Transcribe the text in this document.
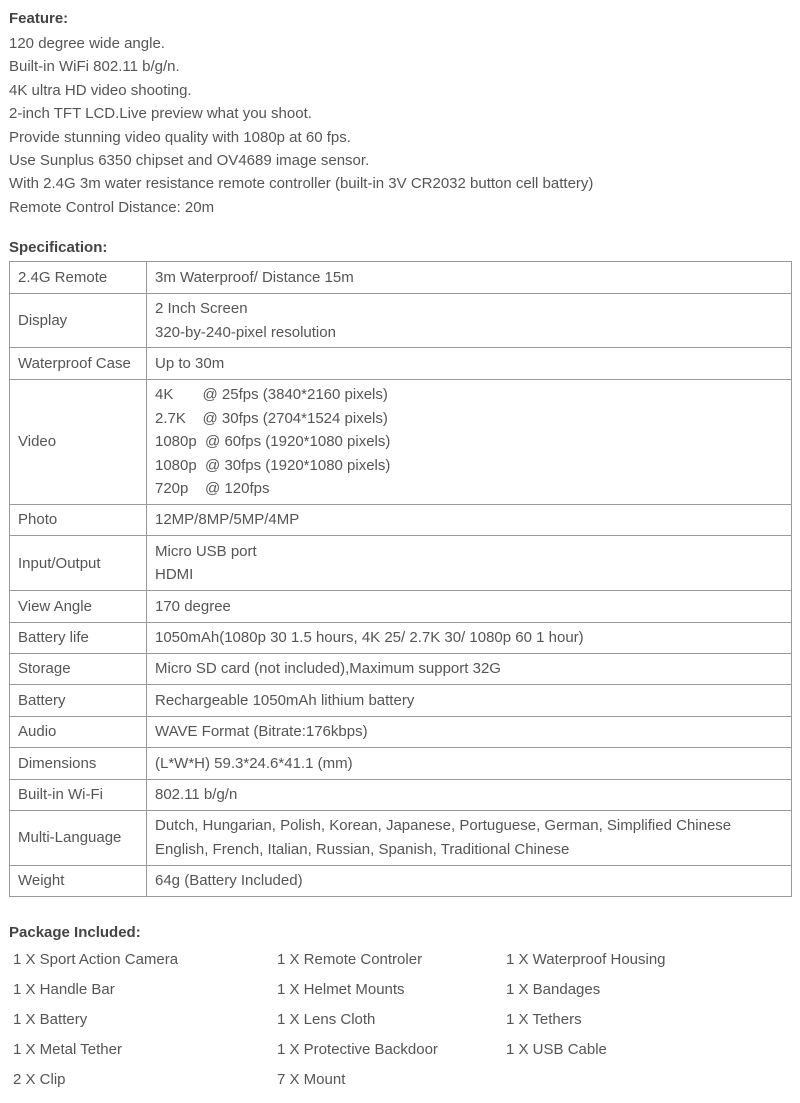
Feature:
120 degree wide angle.
Built-in WiFi 802.11 b/g/n.
4K ultra HD video shooting.
2-inch TFT LCD.Live preview what you shoot.
Provide stunning video quality with 1080p at 60 fps.
Use Sunplus 6350 chipset and OV4689 image sensor.
With 2.4G 3m water resistance remote controller (built-in 3V CR2032 button cell battery)
Remote Control Distance: 20m
Specification:
2.4G Remote	3m Waterproof/ Distance 15m

Display	2 Inch Screen
320-by-240-pixel resolution

Waterproof Case	Up to 30m

Video	4K       @ 25fps (3840*2160 pixels)
2.7K    @ 30fps (2704*1524 pixels)
1080p  @ 60fps (1920*1080 pixels)
1080p  @ 30fps (1920*1080 pixels)
720p    @ 120fps

Photo	12MP/8MP/5MP/4MP

Input/Output	Micro USB port
HDMI

View Angle	170 degree

Battery life	1050mAh(1080p 30 1.5 hours, 4K 25/ 2.7K 30/ 1080p 60 1 hour)

Storage	Micro SD card (not included),Maximum support 32G

Battery	Rechargeable 1050mAh lithium battery

Audio	WAVE Format (Bitrate:176kbps)

Dimensions	(L*W*H) 59.3*24.6*41.1 (mm)

Built-in Wi-Fi	802.11 b/g/n

Multi-Language	Dutch, Hungarian, Polish, Korean, Japanese, Portuguese, German, Simplified Chinese
English, French, Italian, Russian, Spanish, Traditional Chinese

Weight	64g (Battery Included)
Package Included:
1 X Sport Action Camera	1 X Remote Controler	1 X Waterproof Housing
1 X Handle Bar	1 X Helmet Mounts	1 X Bandages
1 X Battery	1 X Lens Cloth	1 X Tethers
1 X Metal Tether	1 X Protective Backdoor	1 X USB Cable
2 X Clip	7 X Mount
